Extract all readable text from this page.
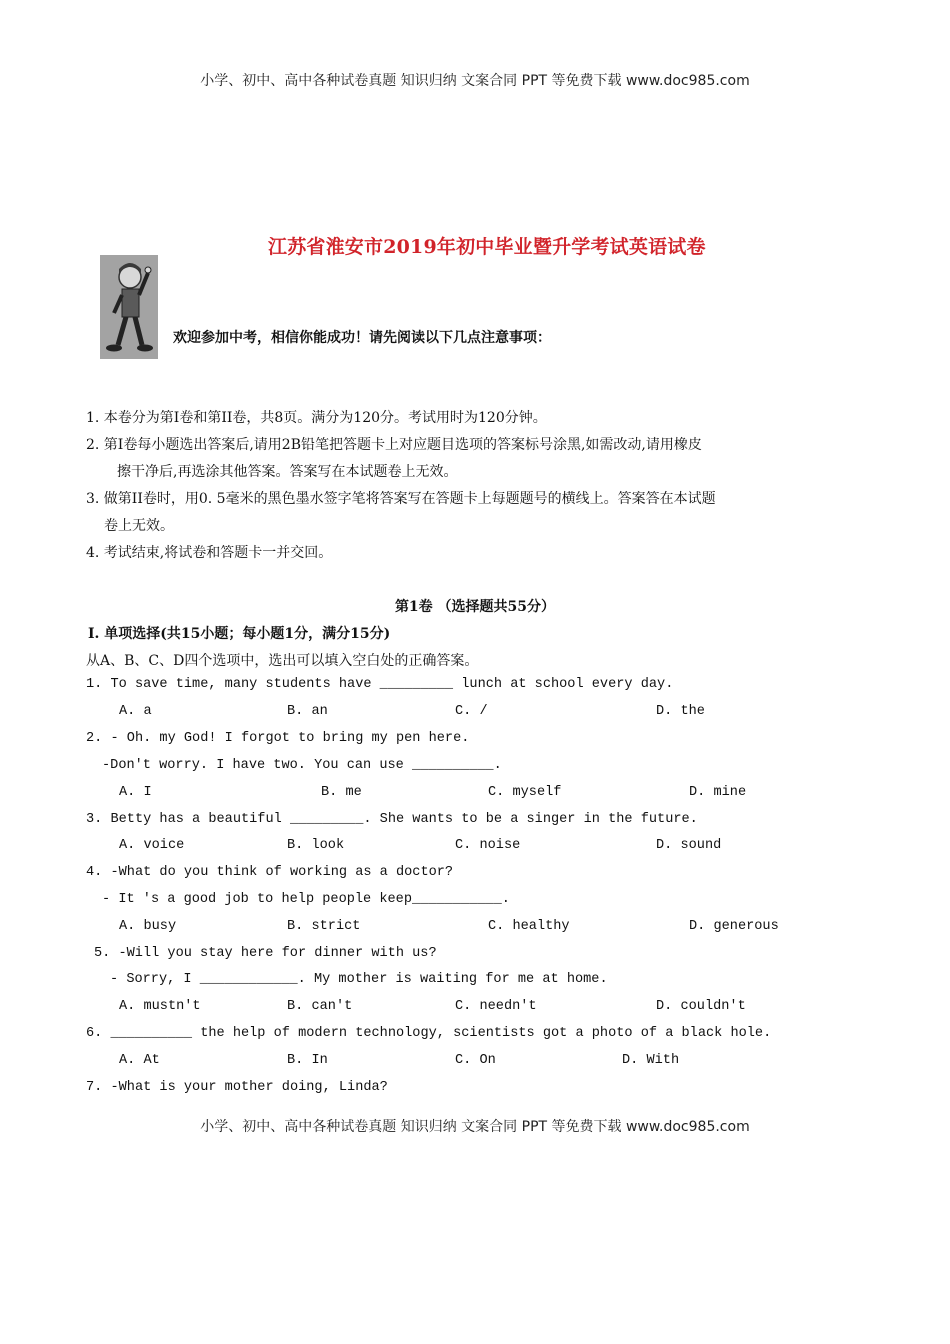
小学、初中、高中各种试卷真题 知识归纳 文案合同 PPT 等免费下载 www.doc985.com
江苏省淮安市2019年初中毕业暨升学考试英语试卷
欢迎参加中考，相信你能成功！请先阅读以下几点注意事项：
1. 本卷分为第Ⅰ卷和第II卷，共8页。满分为120分。考试用时为120分钟。
2. 第Ⅰ卷每小题选出答案后,请用2B铅笔把答题卡上对应题目选项的答案标号涂黑,如需改动,请用橡皮
擦干净后,再选涂其他答案。答案写在本试题卷上无效。
3. 做第II卷时，用0. 5毫米的黑色墨水签字笔将答案写在答题卡上每题题号的横线上。答案答在本试题
卷上无效。
4. 考试结束,将试卷和答题卡一并交回。
第1卷 （选择题共55分）
Ⅰ. 单项选择(共15小题；每小题1分，满分15分)
从A、B、C、D四个选项中，选出可以填入空白处的正确答案。
1. To save time, many students have _________ lunch at school every day.
A. a	B. an	C. /	D. the
2. - Oh. my God! I forgot to bring my pen here.
-Don't worry. I have two. You can use __________.
A. I	B. me	C. myself	D. mine
3. Betty has a beautiful _________. She wants to be a singer in the future.
A. voice	B. look	C. noise	D. sound
4. -What do you think of working as a doctor?
- It 's a good job to help people keep___________.
A. busy	B. strict	C. healthy	D. generous
5. -Will you stay here for dinner with us?
- Sorry, I ____________. My mother is waiting for me at home.
A. mustn't	B. can't	C. needn't	D. couldn't
6. __________ the help of modern technology, scientists got a photo of a black hole.
A. At	B. In	C. On	D. With
7. -What is your mother doing, Linda?
小学、初中、高中各种试卷真题 知识归纳 文案合同 PPT 等免费下载 www.doc985.com
